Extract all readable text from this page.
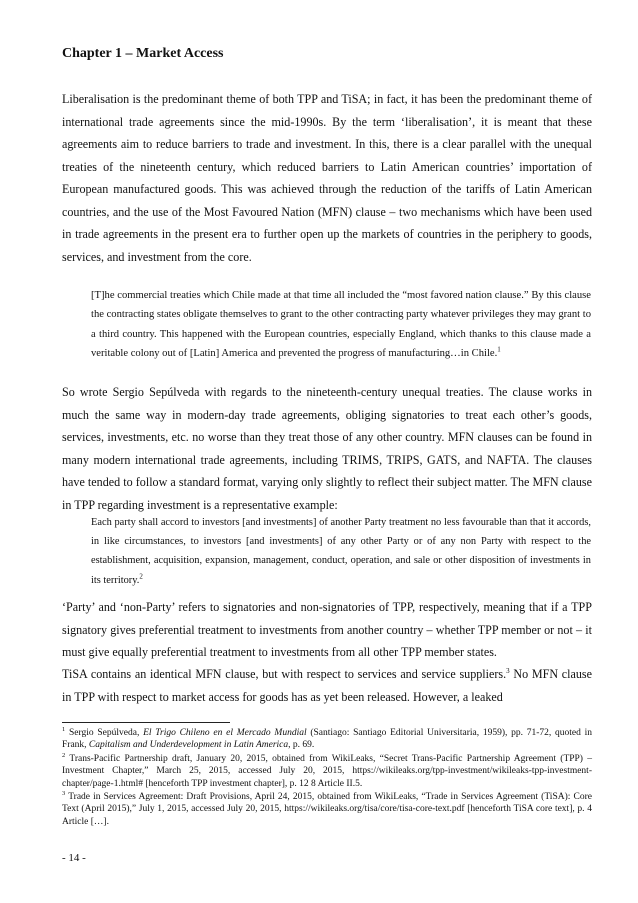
Chapter 1 – Market Access

Liberalisation is the predominant theme of both TPP and TiSA; in fact, it has been the predominant theme of international trade agreements since the mid-1990s. By the term ‘liberalisation’, it is meant that these agreements aim to reduce barriers to trade and investment. In this, there is a clear parallel with the unequal treaties of the nineteenth century, which reduced barriers to Latin American countries’ importation of European manufactured goods. This was achieved through the reduction of the tariffs of Latin American countries, and the use of the Most Favoured Nation (MFN) clause – two mechanisms which have been used in trade agreements in the present era to further open up the markets of countries in the periphery to goods, services, and investment from the core.

[T]he commercial treaties which Chile made at that time all included the “most favored nation clause.” By this clause the contracting states obligate themselves to grant to the other contracting party whatever privileges they may grant to a third country. This happened with the European countries, especially England, which thanks to this clause made a veritable colony out of [Latin] America and prevented the progress of manufacturing…in Chile.$^1$

So wrote Sergio Sepúlveda with regards to the nineteenth-century unequal treaties. The clause works in much the same way in modern-day trade agreements, obliging signatories to treat each other’s goods, services, investments, etc. no worse than they treat those of any other country. MFN clauses can be found in many modern international trade agreements, including TRIMS, TRIPS, GATS, and NAFTA. The clauses have tended to follow a standard format, varying only slightly to reflect their subject matter. The MFN clause in TPP regarding investment is a representative example:

Each party shall accord to investors [and investments] of another Party treatment no less favourable than that it accords, in like circumstances, to investors [and investments] of any other Party or of any non Party with respect to the establishment, acquisition, expansion, management, conduct, operation, and sale or other disposition of investments in its territory.$^2$

‘Party’ and ‘non-Party’ refers to signatories and non-signatories of TPP, respectively, meaning that if a TPP signatory gives preferential treatment to investments from another country – whether TPP member or not – it must give equally preferential treatment to investments from all other TPP member states.

TiSA contains an identical MFN clause, but with respect to services and service suppliers.$^3$ No MFN clause in TPP with respect to market access for goods has as yet been released. However, a leaked

$^1$ Sergio Sepúlveda, El Trigo Chileno en el Mercado Mundial (Santiago: Santiago Editorial Universitaria, 1959), pp. 71-72, quoted in Frank, Capitalism and Underdevelopment in Latin America, p. 69.

$^2$ Trans-Pacific Partnership draft, January 20, 2015, obtained from WikiLeaks, “Secret Trans-Pacific Partnership Agreement (TPP) – Investment Chapter,” March 25, 2015, accessed July 20, 2015, https://wikileaks.org/tpp-investment/wikileaks-tpp-investment-chapter/page-1.html# [henceforth TPP investment chapter], p. 12 8 Article II.5.

$^3$ Trade in Services Agreement: Draft Provisions, April 24, 2015, obtained from WikiLeaks, “Trade in Services Agreement (TiSA): Core Text (April 2015),” July 1, 2015, accessed July 20, 2015, https://wikileaks.org/tisa/core/tisa-core-text.pdf [henceforth TiSA core text], p. 4 Article […].

- 14 -
